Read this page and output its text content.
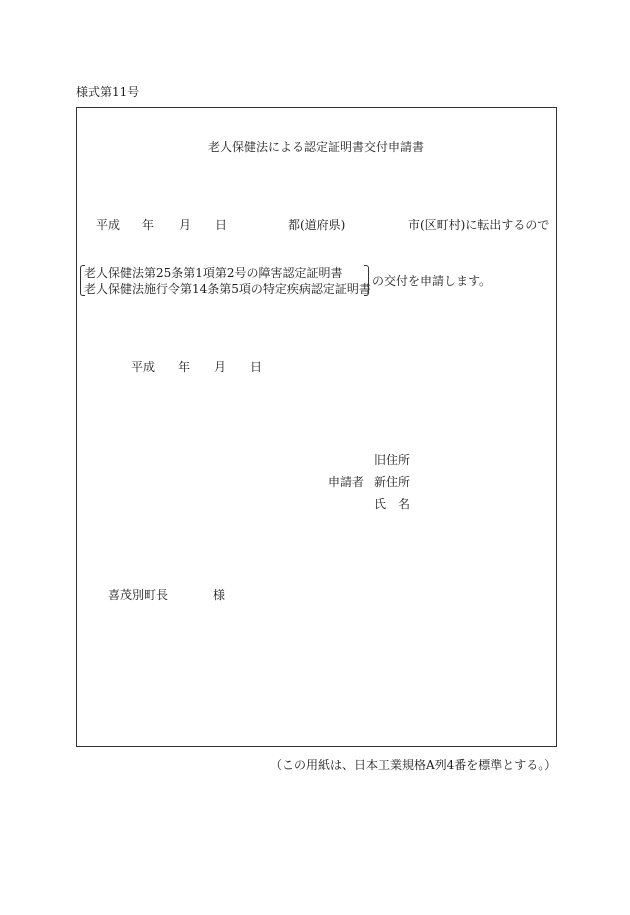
様式第11号
老人保健法による認定証明書交付申請書
平成 年 月 日	都(道府県)	市(区町村)に転出するので
老人保健法第25条第1項第2号の障害認定証明書
老人保健法施行令第14条第5項の特定疾病認定証明書
の交付を申請します。
平成 年 月 日
旧住所
申請者 新住所
氏　名
喜茂別町長	様
（この用紙は、日本工業規格A列4番を標準とする。）
